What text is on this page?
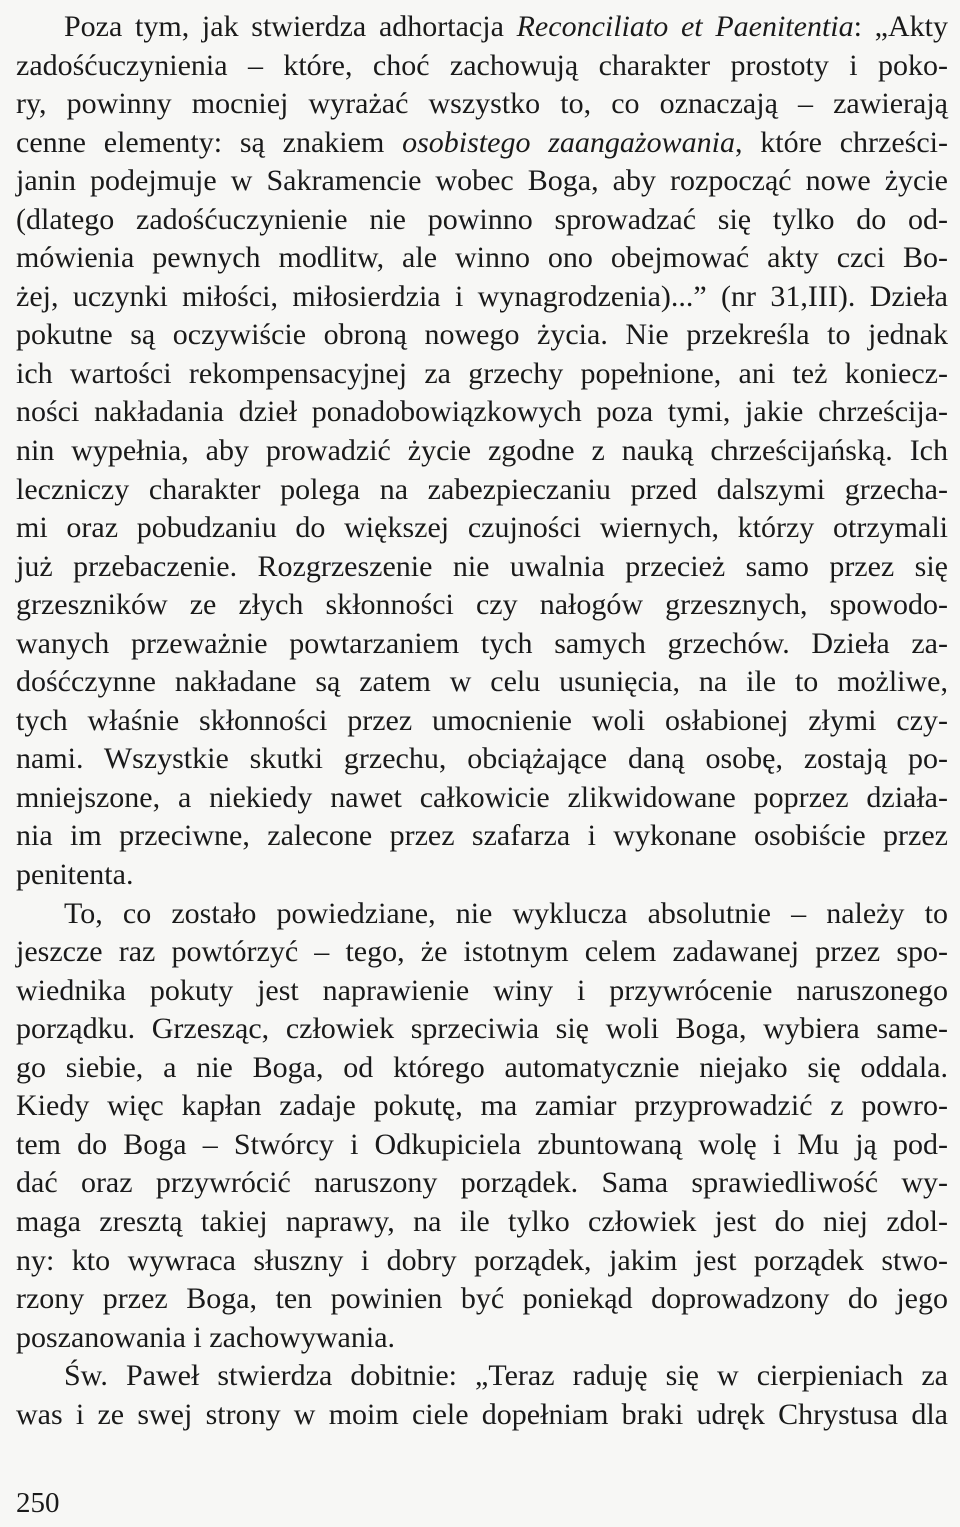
Poza tym, jak stwierdza adhortacja Reconciliato et Paenitentia: „Akty
zadośćuczynienia – które, choć zachowują charakter prostoty i poko-
ry, powinny mocniej wyrażać wszystko to, co oznaczają – zawierają
cenne elementy: są znakiem osobistego zaangażowania, które chrześci-
janin podejmuje w Sakramencie wobec Boga, aby rozpocząć nowe życie
(dlatego zadośćuczynienie nie powinno sprowadzać się tylko do od-
mówienia pewnych modlitw, ale winno ono obejmować akty czci Bo-
żej, uczynki miłości, miłosierdzia i wynagrodzenia)...” (nr 31,III). Dzieła
pokutne są oczywiście obroną nowego życia. Nie przekreśla to jednak
ich wartości rekompensacyjnej za grzechy popełnione, ani też koniecz-
ności nakładania dzieł ponadobowiązkowych poza tymi, jakie chrześcija-
nin wypełnia, aby prowadzić życie zgodne z nauką chrześcijańską. Ich
leczniczy charakter polega na zabezpieczaniu przed dalszymi grzecha-
mi oraz pobudzaniu do większej czujności wiernych, którzy otrzymali
już przebaczenie. Rozgrzeszenie nie uwalnia przecież samo przez się
grzeszników ze złych skłonności czy nałogów grzesznych, spowodo-
wanych przeważnie powtarzaniem tych samych grzechów. Dzieła za-
dośćczynne nakładane są zatem w celu usunięcia, na ile to możliwe,
tych właśnie skłonności przez umocnienie woli osłabionej złymi czy-
nami. Wszystkie skutki grzechu, obciążające daną osobę, zostają po-
mniejszone, a niekiedy nawet całkowicie zlikwidowane poprzez działa-
nia im przeciwne, zalecone przez szafarza i wykonane osobiście przez
penitenta.

To, co zostało powiedziane, nie wyklucza absolutnie – należy to
jeszcze raz powtórzyć – tego, że istotnym celem zadawanej przez spo-
wiednika pokuty jest naprawienie winy i przywrócenie naruszonego
porządku. Grzesząc, człowiek sprzeciwia się woli Boga, wybiera same-
go siebie, a nie Boga, od którego automatycznie niejako się oddala.
Kiedy więc kapłan zadaje pokutę, ma zamiar przyprowadzić z powro-
tem do Boga – Stwórcy i Odkupiciela zbuntowaną wolę i Mu ją pod-
dać oraz przywrócić naruszony porządek. Sama sprawiedliwość wy-
maga zresztą takiej naprawy, na ile tylko człowiek jest do niej zdol-
ny: kto wywraca słuszny i dobry porządek, jakim jest porządek stwo-
rzony przez Boga, ten powinien być poniekąd doprowadzony do jego
poszanowania i zachowywania.

Św. Paweł stwierdza dobitnie: „Teraz raduję się w cierpieniach za
was i ze swej strony w moim ciele dopełniam braki udręk Chrystusa dla

250
